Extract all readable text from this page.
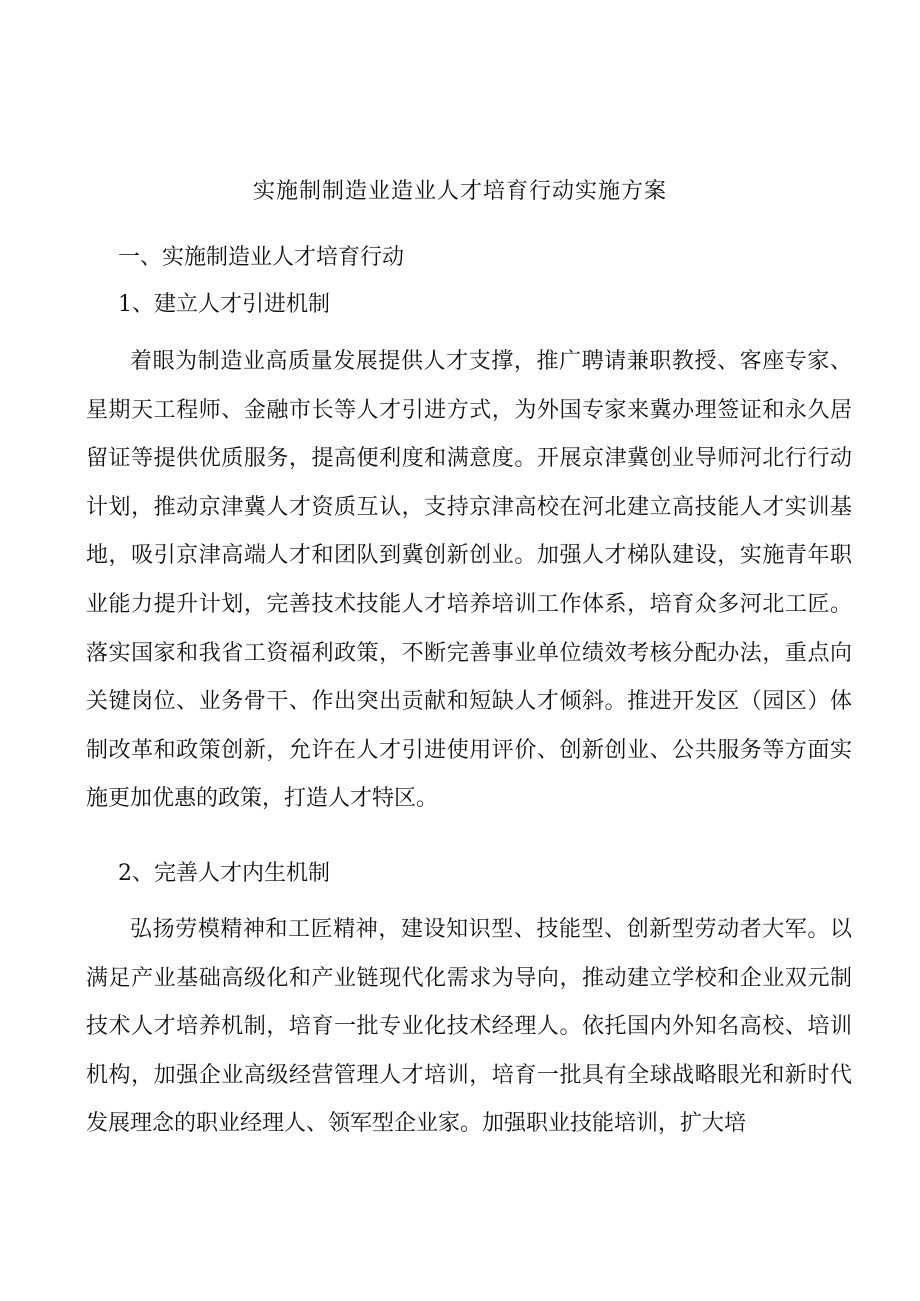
实施制制造业造业人才培育行动实施方案
一、实施制造业人才培育行动
1、建立人才引进机制
着眼为制造业高质量发展提供人才支撑，推广聘请兼职教授、客座专家、星期天工程师、金融市长等人才引进方式，为外国专家来冀办理签证和永久居留证等提供优质服务，提高便利度和满意度。开展京津冀创业导师河北行行动计划，推动京津冀人才资质互认，支持京津高校在河北建立高技能人才实训基地，吸引京津高端人才和团队到冀创新创业。加强人才梯队建设，实施青年职业能力提升计划，完善技术技能人才培养培训工作体系，培育众多河北工匠。落实国家和我省工资福利政策，不断完善事业单位绩效考核分配办法，重点向关键岗位、业务骨干、作出突出贡献和短缺人才倾斜。推进开发区（园区）体制改革和政策创新，允许在人才引进使用评价、创新创业、公共服务等方面实施更加优惠的政策，打造人才特区。
2、完善人才内生机制
弘扬劳模精神和工匠精神，建设知识型、技能型、创新型劳动者大军。以满足产业基础高级化和产业链现代化需求为导向，推动建立学校和企业双元制技术人才培养机制，培育一批专业化技术经理人。依托国内外知名高校、培训机构，加强企业高级经营管理人才培训，培育一批具有全球战略眼光和新时代发展理念的职业经理人、领军型企业家。加强职业技能培训，扩大培
